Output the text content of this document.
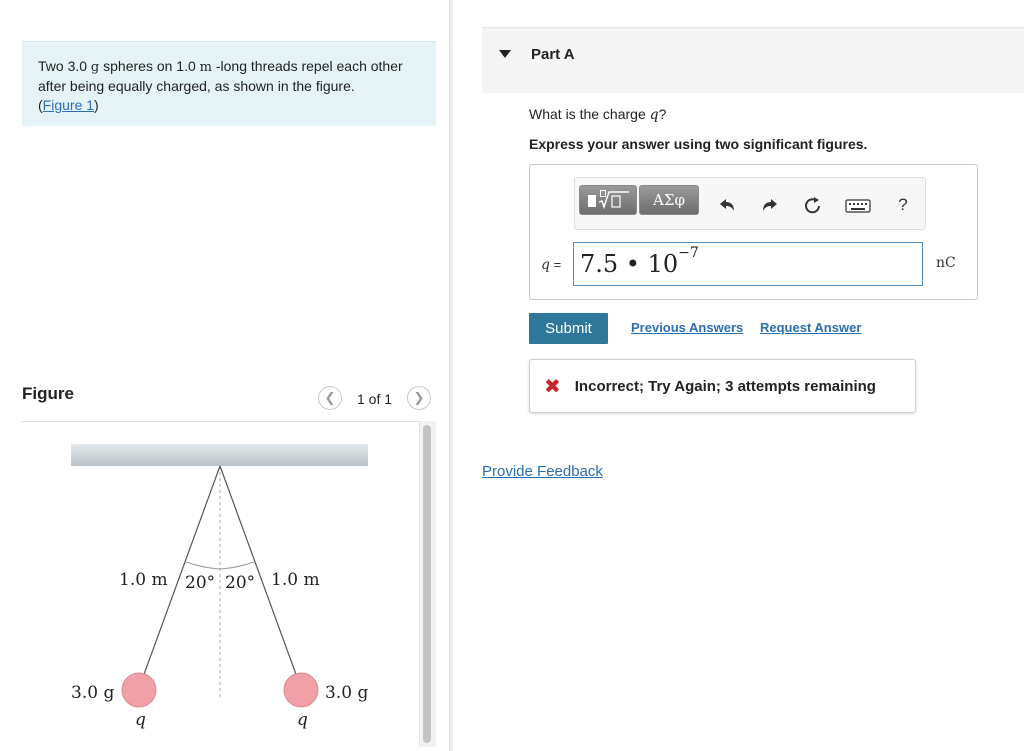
Two 3.0 g spheres on 1.0 m -long threads repel each other after being equally charged, as shown in the figure.
(Figure 1)
Figure	❮ 1 of 1 ❯
1.0 m	1.0 m
20° 20°
3.0 g	3.0 g
q	q
Part A
What is the charge q?
Express your answer using two significant figures.
ΑΣφ	?
q = 7.5 • $10^{-7}$
nC
Submit	Previous Answers Request Answer
✖ Incorrect; Try Again; 3 attempts remaining
Provide Feedback
